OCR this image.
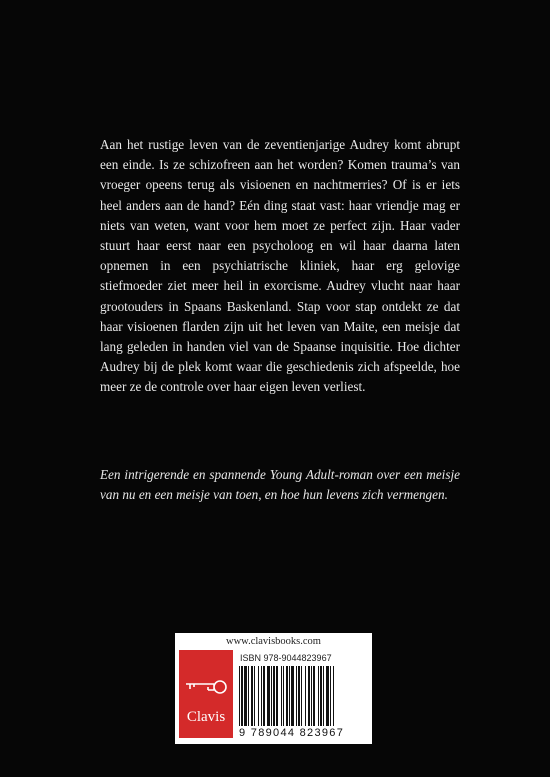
Aan het rustige leven van de zeventienjarige Audrey komt abrupt een einde. Is ze schizofreen aan het worden? Komen trauma’s van vroeger opeens terug als visioenen en nachtmerries? Of is er iets heel anders aan de hand? Eén ding staat vast: haar vriendje mag er niets van weten, want voor hem moet ze perfect zijn. Haar vader stuurt haar eerst naar een psycholoog en wil haar daarna laten opnemen in een psychiatrische kliniek, haar erg gelovige stiefmoeder ziet meer heil in exorcisme. Audrey vlucht naar haar grootouders in Spaans Baskenland. Stap voor stap ontdekt ze dat haar visioenen flarden zijn uit het leven van Maite, een meisje dat lang geleden in handen viel van de Spaanse inquisitie. Hoe dichter Audrey bij de plek komt waar die geschiedenis zich afspeelde, hoe meer ze de controle over haar eigen leven verliest.

Een intrigerende en spannende Young Adult-roman over een meisje van nu en een meisje van toen, en hoe hun levens zich vermengen.

www.clavisbooks.com
Clavis
ISBN 978-9044823967
9 789044 823967
